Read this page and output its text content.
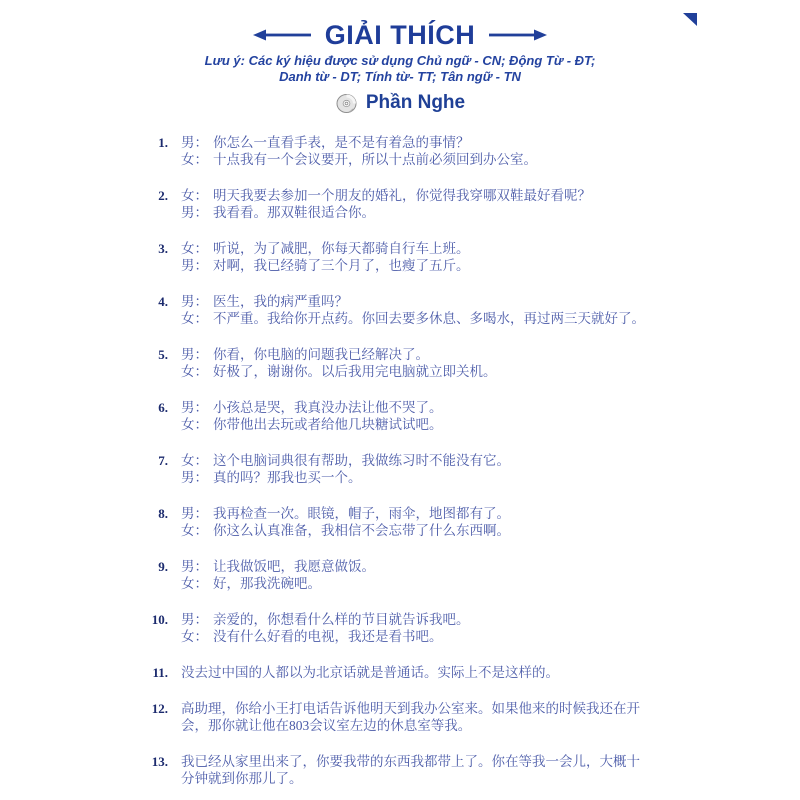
GIẢI THÍCH
Lưu ý: Các ký hiệu được sử dụng Chủ ngữ - CN; Động Từ - ĐT;
Danh từ - DT; Tính từ- TT; Tân ngữ - TN
Phần Nghe
1. 男： 你怎么一直看手表，是不是有着急的事情？
女： 十点我有一个会议要开，所以十点前必须回到办公室。
2. 女： 明天我要去参加一个朋友的婚礼，你觉得我穿哪双鞋最好看呢？
男： 我看看。那双鞋很适合你。
3. 女： 听说，为了减肥，你每天都骑自行车上班。
男： 对啊，我已经骑了三个月了，也瘦了五斤。
4. 男： 医生，我的病严重吗？
女： 不严重。我给你开点药。你回去要多休息、多喝水，再过两三天就好了。
5. 男： 你看，你电脑的问题我已经解决了。
女： 好极了，谢谢你。以后我用完电脑就立即关机。
6. 男： 小孩总是哭，我真没办法让他不哭了。
女： 你带他出去玩或者给他几块糖试试吧。
7. 女： 这个电脑词典很有帮助，我做练习时不能没有它。
男： 真的吗？那我也买一个。
8. 男： 我再检查一次。眼镜，帽子，雨伞，地图都有了。
女： 你这么认真准备，我相信不会忘带了什么东西啊。
9. 男： 让我做饭吧，我愿意做饭。
女： 好，那我洗碗吧。
10. 男： 亲爱的，你想看什么样的节目就告诉我吧。
女： 没有什么好看的电视，我还是看书吧。
11. 没去过中国的人都以为北京话就是普通话。实际上不是这样的。
12. 高助理，你给小王打电话告诉他明天到我办公室来。如果他来的时候我还在开会，那你就让他在803会议室左边的休息室等我。
13. 我已经从家里出来了，你要我带的东西我都带上了。你在等我一会儿，大概十分钟就到你那儿了。
